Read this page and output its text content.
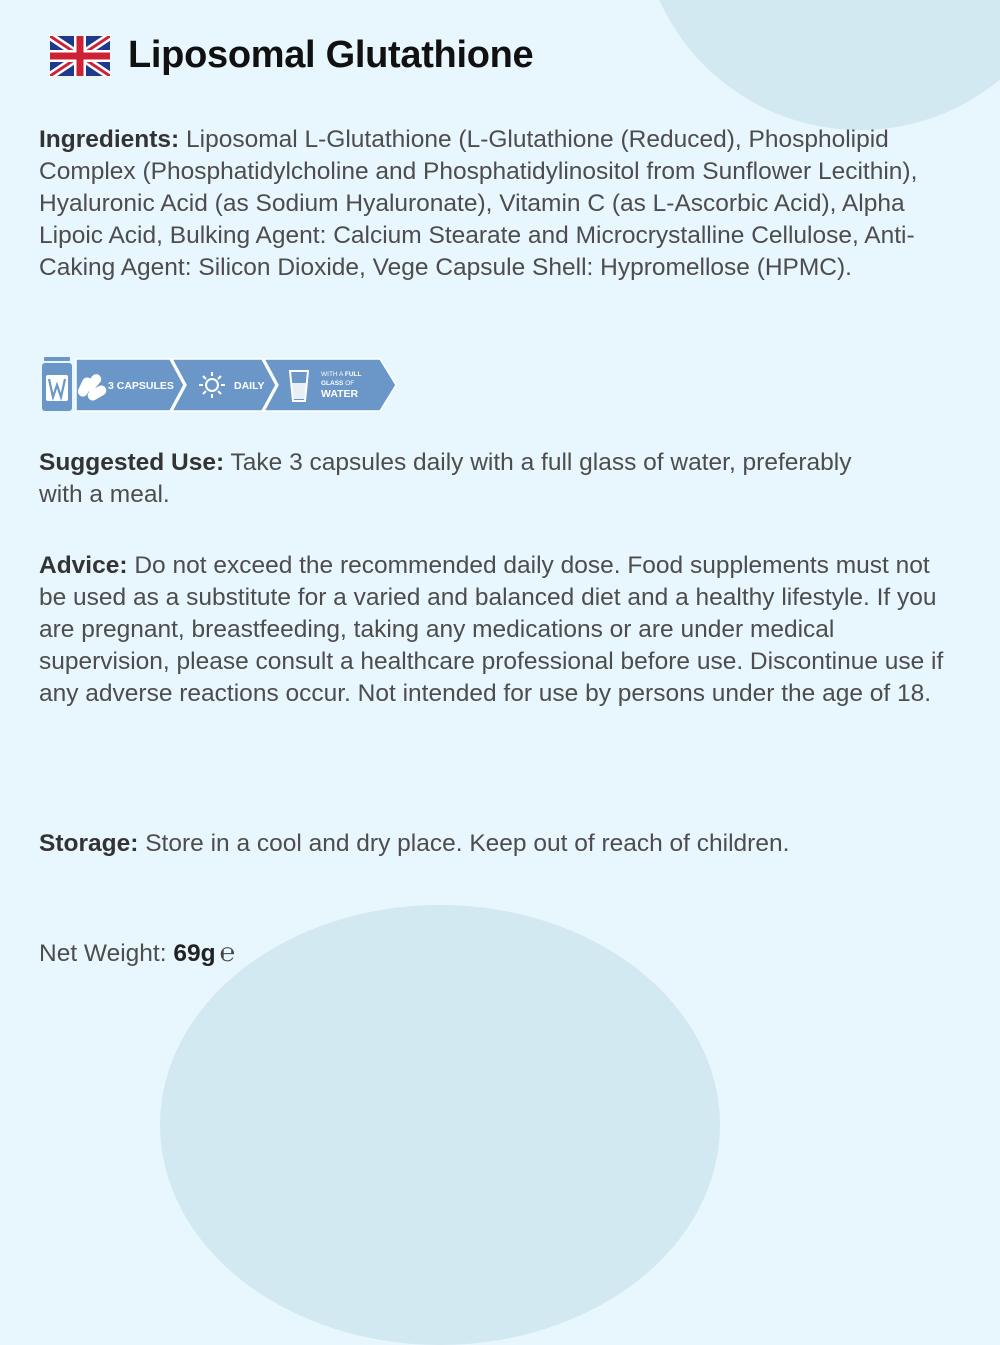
Liposomal Glutathione

Ingredients: Liposomal L-Glutathione (L-Glutathione (Reduced), Phospholipid Complex (Phosphatidylcholine and Phosphatidylinositol from Sunflower Lecithin), Hyaluronic Acid (as Sodium Hyaluronate), Vitamin C (as L-Ascorbic Acid), Alpha Lipoic Acid, Bulking Agent: Calcium Stearate and Microcrystalline Cellulose, Anti-Caking Agent: Silicon Dioxide, Vege Capsule Shell: Hypromellose (HPMC).

3 CAPSULES	DAILY
WITH A FULL
GLASS OF
WATER

Suggested Use: Take 3 capsules daily with a full glass of water, preferably with a meal.

Advice: Do not exceed the recommended daily dose. Food supplements must not be used as a substitute for a varied and balanced diet and a healthy lifestyle. If you are pregnant, breastfeeding, taking any medications or are under medical supervision, please consult a healthcare professional before use. Discontinue use if any adverse reactions occur. Not intended for use by persons under the age of 18.

Storage: Store in a cool and dry place. Keep out of reach of children.

Net Weight: 69g ℮
